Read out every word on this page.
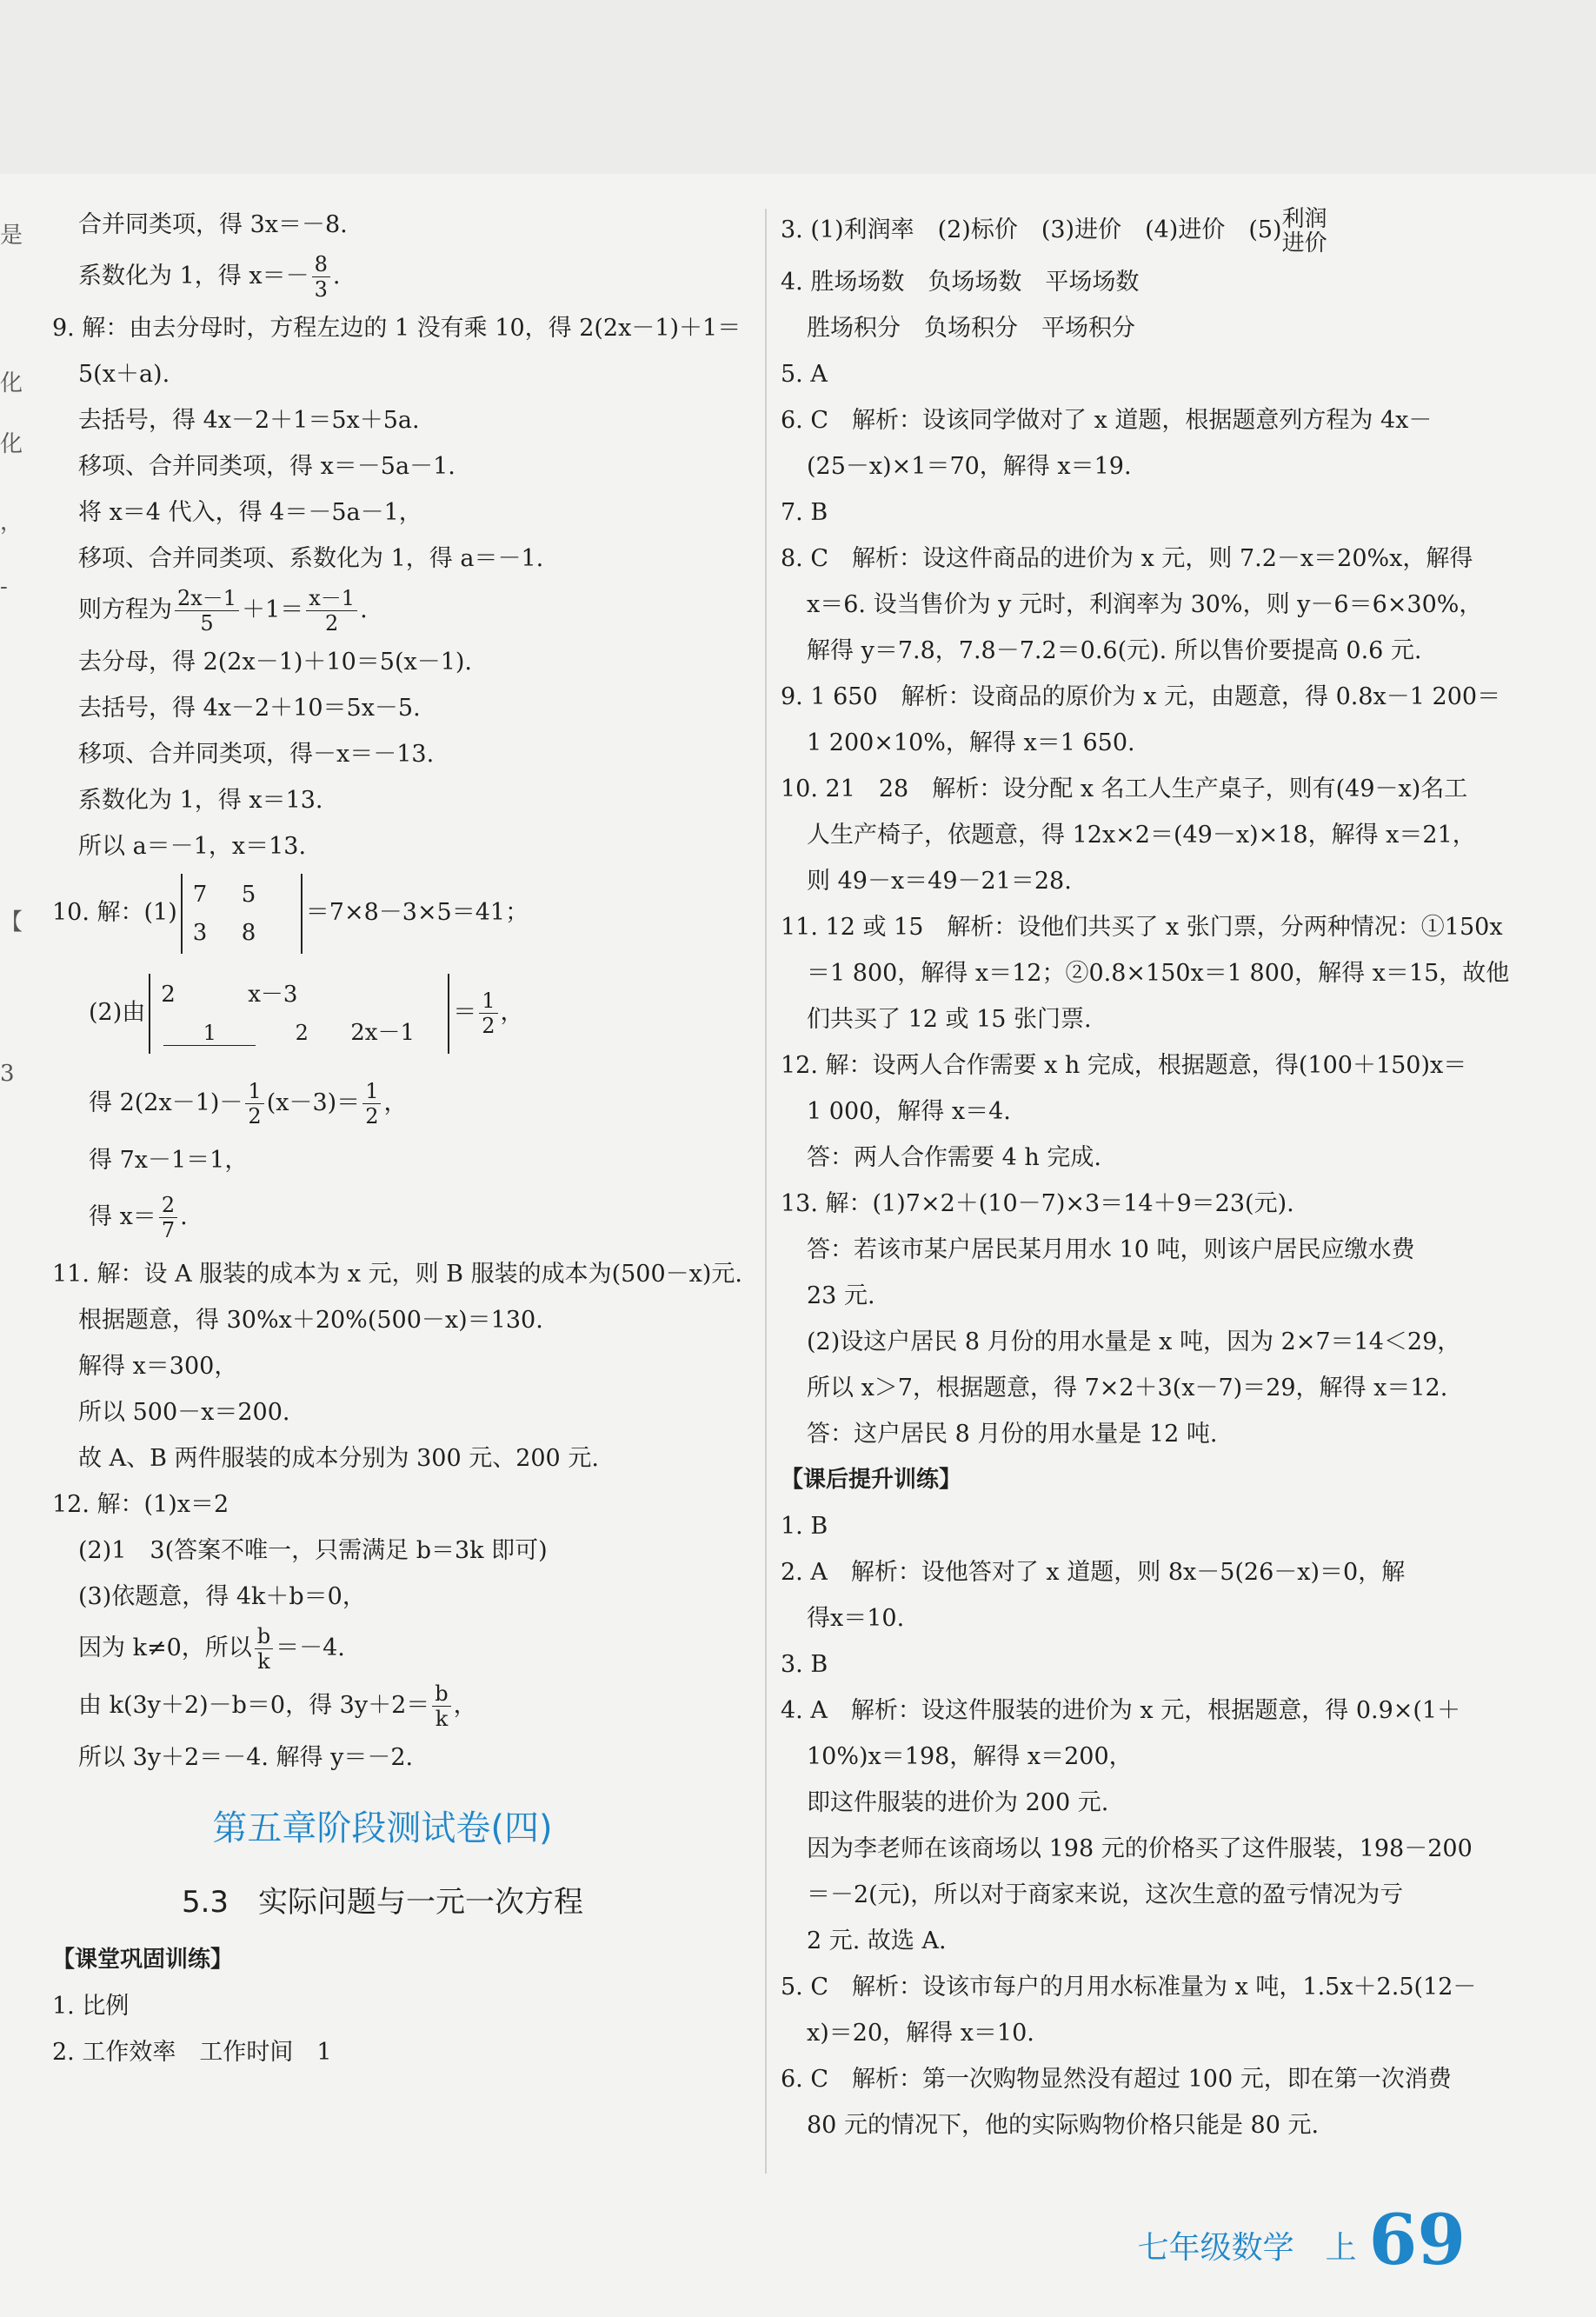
是
化
化
，
-
【
3
合并同类项，得 3x＝－8.
系数化为 1，得 $x=- \frac{8}{3}$ .
9. 解：由去分母时，方程左边的 1 没有乘 10，得 2(2x－1)＋1＝
5(x＋a).
去括号，得 4x－2＋1＝5x＋5a.
移项、合并同类项，得 x＝－5a－1.
将 x＝4 代入，得 4＝－5a－1，
移项、合并同类项、系数化为 1，得 a＝－1.
则方程为 $\frac{2x-1}{5} +1= \frac{x-1}{2}$ .
去分母，得 2(2x－1)＋10＝5(x－1).
去括号，得 4x－2＋10＝5x－5.
移项、合并同类项，得－x＝－13.
系数化为 1，得 x＝13.
所以 a＝－1，x＝13.
10. 解：(1)
7 5
3 8
＝7×8－3×5＝41；
(2)由
2	x－3
1	2 2x－1
＝ $\frac{1}{2}$ ，
得 $2(2x-1)- \frac{1}{2} (x-3)= \frac{1}{2}$ ，
得 7x－1＝1，
得 $x= \frac{2}{7}$ .
11. 解：设 A 服装的成本为 x 元，则 B 服装的成本为(500－x)元.
根据题意，得 30%x＋20%(500－x)＝130.
解得 x＝300，
所以 500－x＝200.
故 A、B 两件服装的成本分别为 300 元、200 元.
12. 解：(1)x＝2
(2)1　3(答案不唯一，只需满足 b＝3k 即可)
(3)依题意，得 4k＋b＝0，
因为 k≠0，所以 $\frac{b}{k} =-4$.
由 k(3y＋2)－b＝0，得 $3y+2= \frac{b}{k}$ ，
所以 3y＋2＝－4. 解得 y＝－2.
第五章阶段测试卷(四)
5.3　实际问题与一元一次方程
【课堂巩固训练】
1. 比例
2. 工作效率　工作时间　1
3. (1)利润率　(2)标价　(3)进价　(4)进价　(5) 利润
进价
4. 胜场场数　负场场数　平场场数
胜场积分　负场积分　平场积分
5. A
6. C　解析：设该同学做对了 x 道题，根据题意列方程为 4x－
(25－x)×1＝70，解得 x＝19.
7. B
8. C　解析：设这件商品的进价为 x 元，则 7.2－x＝20%x，解得
x＝6. 设当售价为 y 元时，利润率为 30%，则 y－6＝6×30%，
解得 y＝7.8，7.8－7.2＝0.6(元). 所以售价要提高 0.6 元.
9. 1 650　解析：设商品的原价为 x 元，由题意，得 0.8x－1 200＝
1 200×10%，解得 x＝1 650.
10. 21　28　解析：设分配 x 名工人生产桌子，则有(49－x)名工
人生产椅子，依题意，得 12x×2＝(49－x)×18，解得 x＝21，
则 49－x＝49－21＝28.
11. 12 或 15　解析：设他们共买了 x 张门票，分两种情况：①150x
＝1 800，解得 x＝12；②0.8×150x＝1 800，解得 x＝15，故他
们共买了 12 或 15 张门票.
12. 解：设两人合作需要 x h 完成，根据题意，得(100＋150)x＝
1 000，解得 x＝4.
答：两人合作需要 4 h 完成.
13. 解：(1)7×2＋(10－7)×3＝14＋9＝23(元).
答：若该市某户居民某月用水 10 吨，则该户居民应缴水费
23 元.
(2)设这户居民 8 月份的用水量是 x 吨，因为 2×7＝14＜29，
所以 x＞7，根据题意，得 7×2＋3(x－7)＝29，解得 x＝12.
答：这户居民 8 月份的用水量是 12 吨.
【课后提升训练】
1. B
2. A　解析：设他答对了 x 道题，则 8x－5(26－x)＝0，解
得x＝10.
3. B
4. A　解析：设这件服装的进价为 x 元，根据题意，得 0.9×(1＋
10%)x＝198，解得 x＝200，
即这件服装的进价为 200 元.
因为李老师在该商场以 198 元的价格买了这件服装，198－200
＝－2(元)，所以对于商家来说，这次生意的盈亏情况为亏
2 元. 故选 A.
5. C　解析：设该市每户的月用水标准量为 x 吨，1.5x＋2.5(12－
x)＝20，解得 x＝10.
6. C　解析：第一次购物显然没有超过 100 元，即在第一次消费
80 元的情况下，他的实际购物价格只能是 80 元.
七年级数学　上 69
